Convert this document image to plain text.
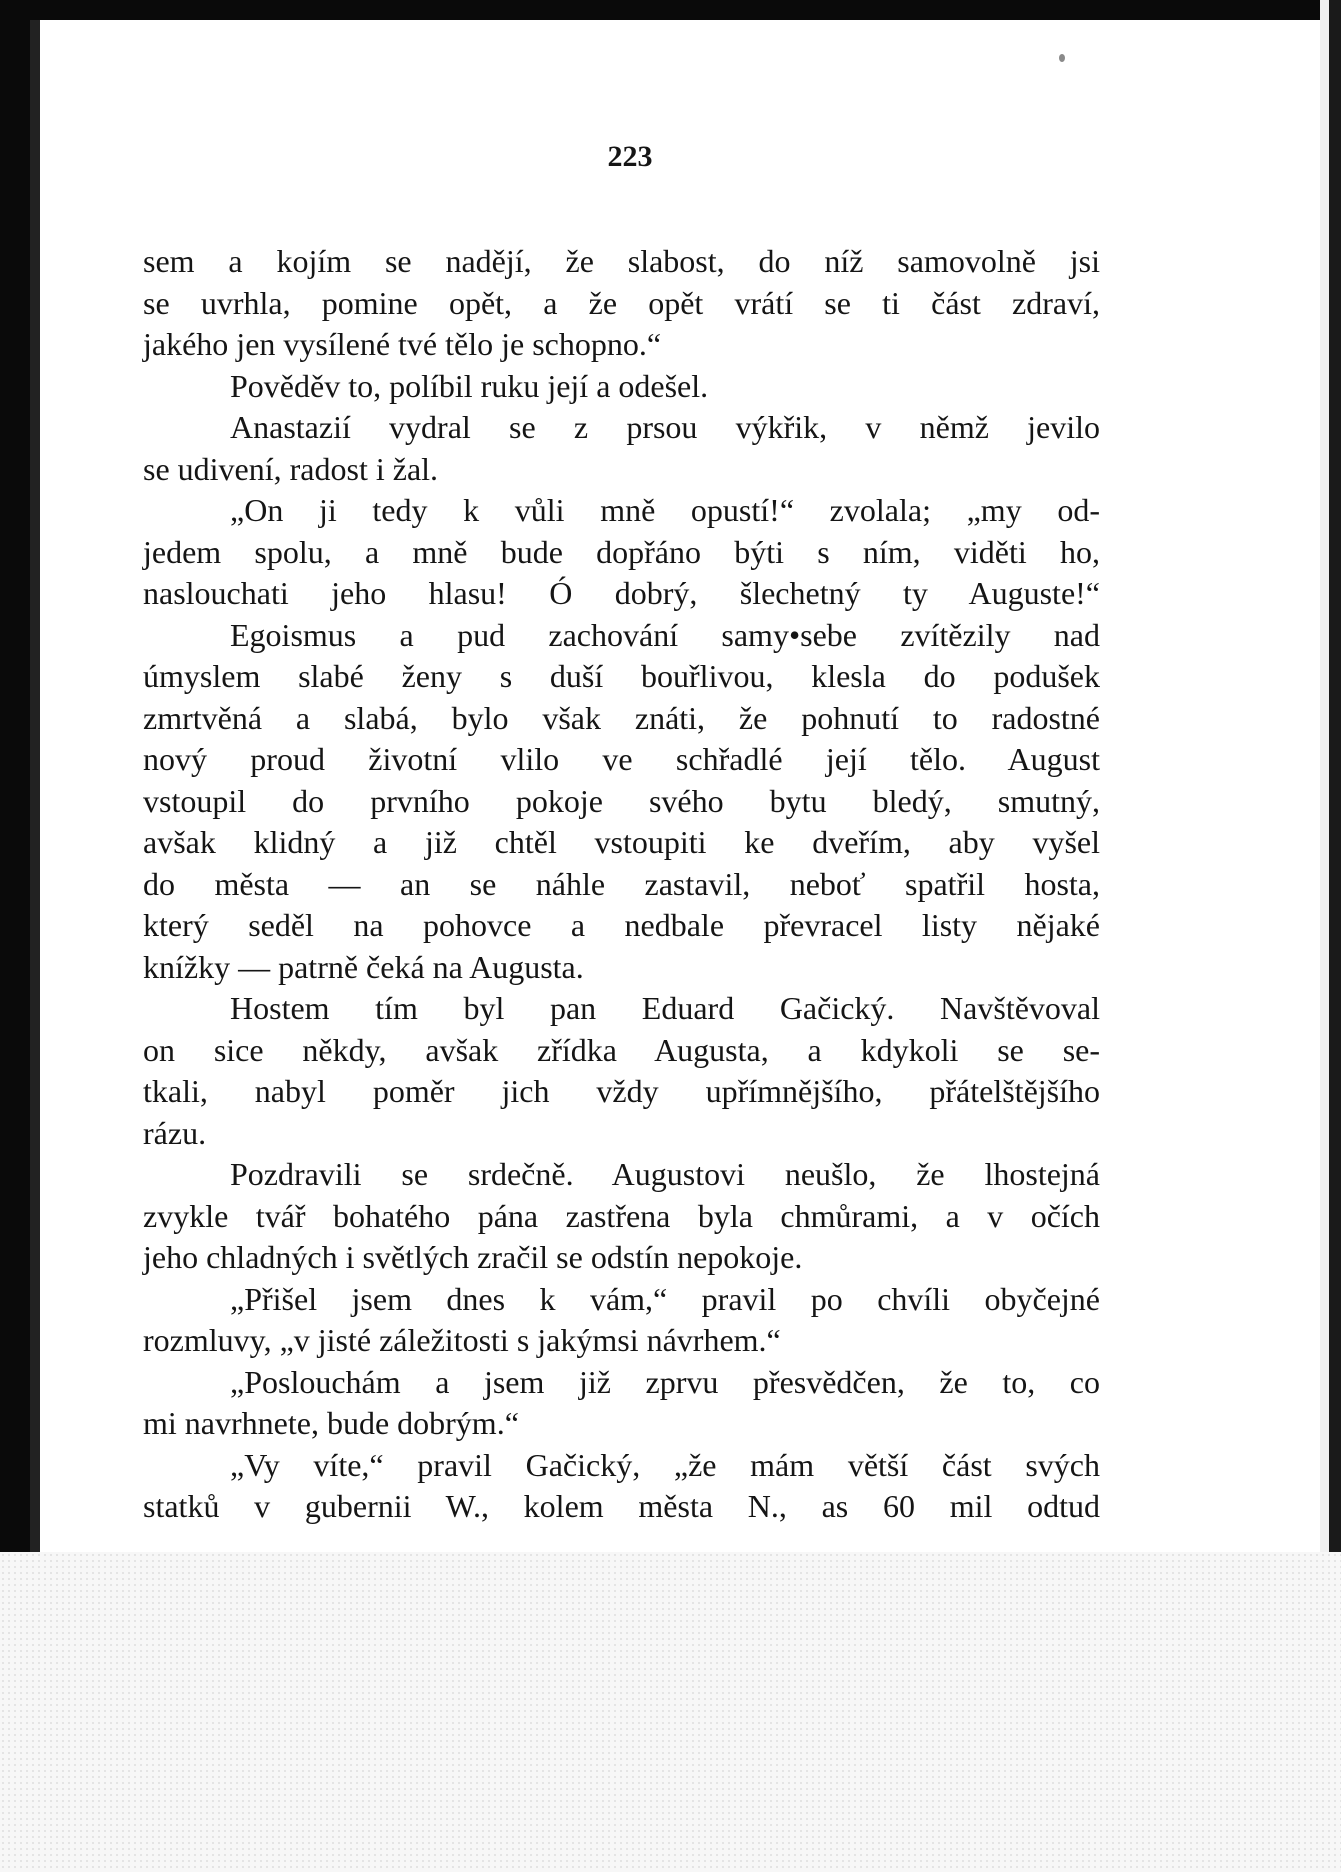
223
sem a kojím se nadějí, že slabost, do níž samovolně jsi
se uvrhla, pomine opět, a že opět vrátí se ti část zdraví,
jakého jen vysílené tvé tělo je schopno.“
Pověděv to, políbil ruku její a odešel.
Anastazií vydral se z prsou výkřik, v němž jevilo
se udivení, radost i žal.
„On ji tedy k vůli mně opustí!“ zvolala; „my od-
jedem spolu, a mně bude dopřáno býti s ním, viděti ho,
naslouchati jeho hlasu! Ó dobrý, šlechetný ty Auguste!“
Egoismus a pud zachování samy•sebe zvítězily nad
úmyslem slabé ženy s duší bouřlivou, klesla do podušek
zmrtvěná a slabá, bylo však znáti, že pohnutí to radostné
nový proud životní vlilo ve schřadlé její tělo. August
vstoupil do prvního pokoje svého bytu bledý, smutný,
avšak klidný a již chtěl vstoupiti ke dveřím, aby vyšel
do města — an se náhle zastavil, neboť spatřil hosta,
který seděl na pohovce a nedbale převracel listy nějaké
knížky — patrně čeká na Augusta.
Hostem tím byl pan Eduard Gačický. Navštěvoval
on sice někdy, avšak zřídka Augusta, a kdykoli se se-
tkali, nabyl poměr jich vždy upřímnějšího, přátelštějšího
rázu.
Pozdravili se srdečně. Augustovi neušlo, že lhostejná
zvykle tvář bohatého pána zastřena byla chmůrami, a v očích
jeho chladných i světlých zračil se odstín nepokoje.
„Přišel jsem dnes k vám,“ pravil po chvíli obyčejné
rozmluvy, „v jisté záležitosti s jakýmsi návrhem.“
„Poslouchám a jsem již zprvu přesvědčen, že to, co
mi navrhnete, bude dobrým.“
„Vy víte,“ pravil Gačický, „že mám větší část svých
statků v gubernii W., kolem města N., as 60 mil odtud
